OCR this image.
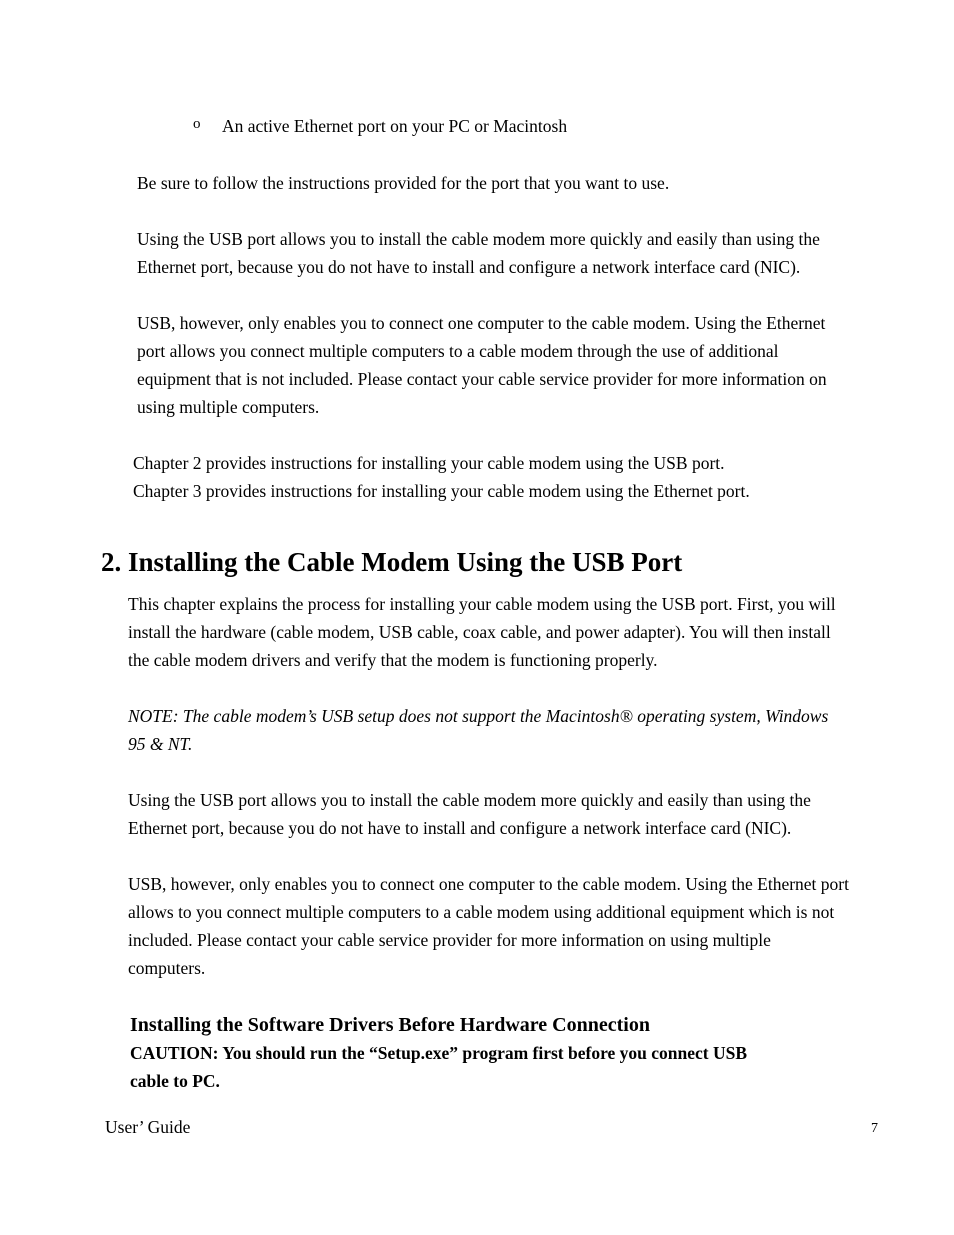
o An active Ethernet port on your PC or Macintosh
Be sure to follow the instructions provided for the port that you want to use.
Using the USB port allows you to install the cable modem more quickly and easily than using the
Ethernet port, because you do not have to install and configure a network interface card (NIC).
USB, however, only enables you to connect one computer to the cable modem. Using the Ethernet
port allows you connect multiple computers to a cable modem through the use of additional
equipment that is not included. Please contact your cable service provider for more information on
using multiple computers.
Chapter 2 provides instructions for installing your cable modem using the USB port.
Chapter 3 provides instructions for installing your cable modem using the Ethernet port.
2. Installing the Cable Modem Using the USB Port
This chapter explains the process for installing your cable modem using the USB port. First, you will
install the hardware (cable modem, USB cable, coax cable, and power adapter). You will then install
the cable modem drivers and verify that the modem is functioning properly.
NOTE: The cable modem’s USB setup does not support the Macintosh® operating system, Windows
95 & NT.
Using the USB port allows you to install the cable modem more quickly and easily than using the
Ethernet port, because you do not have to install and configure a network interface card (NIC).
USB, however, only enables you to connect one computer to the cable modem. Using the Ethernet port
allows to you connect multiple computers to a cable modem using additional equipment which is not
included. Please contact your cable service provider for more information on using multiple
computers.
Installing the Software Drivers Before Hardware Connection
CAUTION: You should run the “Setup.exe” program first before you connect USB
cable to PC.
User’ Guide	7
